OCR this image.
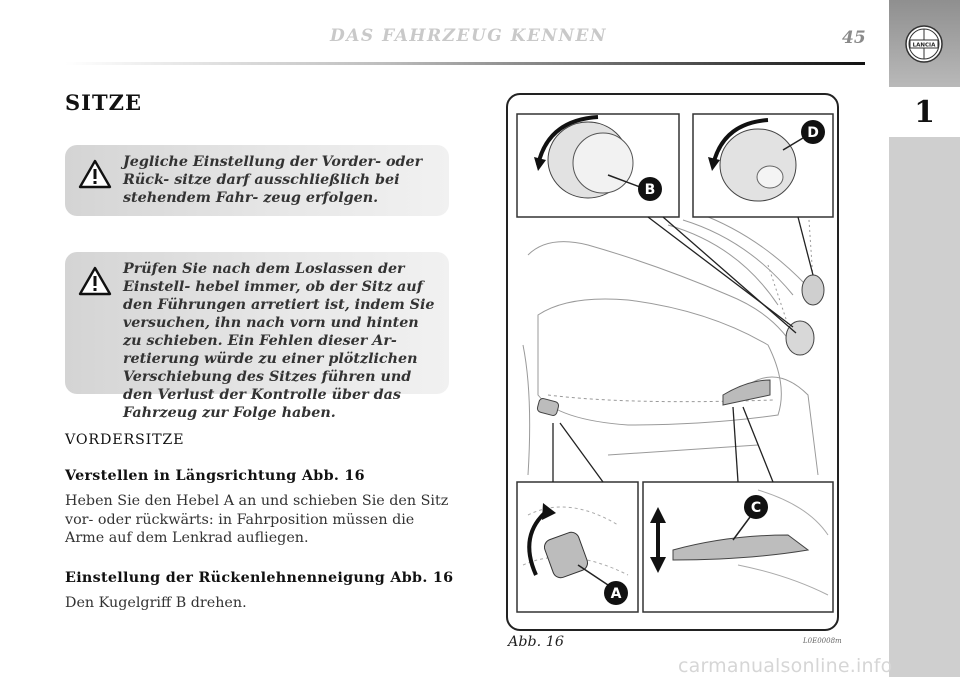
DAS FAHRZEUG KENNEN	45	LANCIA
1
SITZE

Jegliche Einstellung der Vorder- oder Rück- sitze darf ausschließlich bei stehendem Fahr- zeug erfolgen.

Prüfen Sie nach dem Loslassen der Einstell- hebel immer, ob der Sitz auf den Führungen arretiert ist, indem Sie versuchen, ihn nach vorn und hinten zu schieben. Ein Fehlen dieser Ar- retierung würde zu einer plötzlichen Verschiebung des Sitzes führen und den Verlust der Kontrolle über das Fahrzeug zur Folge haben.

VORDERSITZE
Verstellen in Längsrichtung Abb. 16
Heben Sie den Hebel A an und schieben Sie den Sitz vor- oder rückwärts: in Fahrposition müssen die Arme auf dem Lenkrad aufliegen.
Einstellung der Rückenlehnenneigung Abb. 16
Den Kugelgriff B drehen.
B
D
A
C
Abb. 16	L0E0008m
carmanualsonline.info
